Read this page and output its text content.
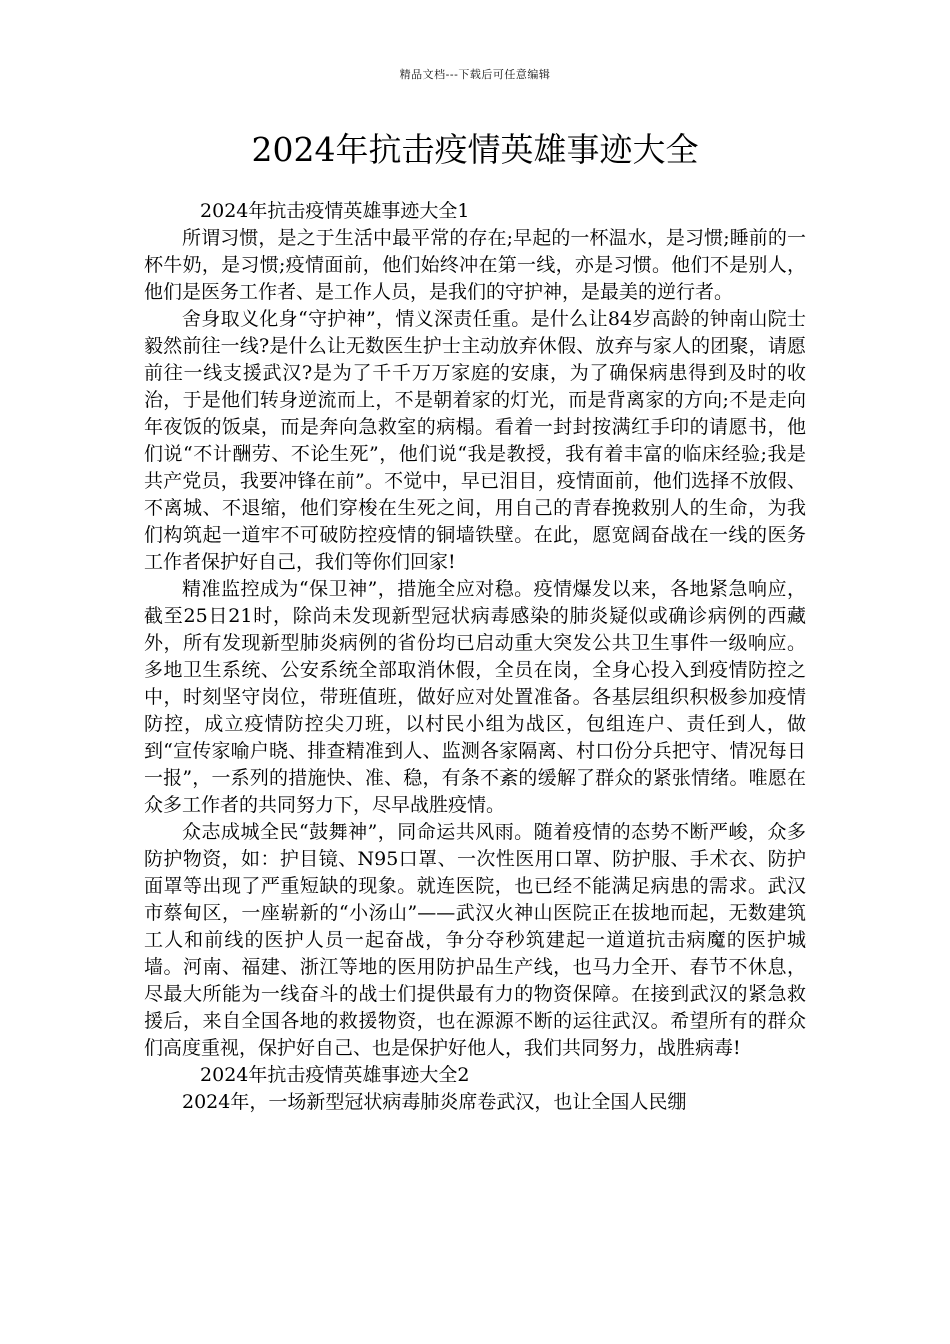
精品文档---下载后可任意编辑
2024年抗击疫情英雄事迹大全

2024年抗击疫情英雄事迹大全1

所谓习惯，是之于生活中最平常的存在;早起的一杯温水，是习惯;睡前的一杯牛奶，是习惯;疫情面前，他们始终冲在第一线，亦是习惯。他们不是别人，他们是医务工作者、是工作人员，是我们的守护神，是最美的逆行者。

舍身取义化身“守护神”，情义深责任重。是什么让84岁高龄的钟南山院士毅然前往一线?是什么让无数医生护士主动放弃休假、放弃与家人的团聚，请愿前往一线支援武汉?是为了千千万万家庭的安康，为了确保病患得到及时的收治，于是他们转身逆流而上，不是朝着家的灯光，而是背离家的方向;不是走向年夜饭的饭桌，而是奔向急救室的病榻。看着一封封按满红手印的请愿书，他们说“不计酬劳、不论生死”，他们说“我是教授，我有着丰富的临床经验;我是共产党员，我要冲锋在前”。不觉中，早已泪目，疫情面前，他们选择不放假、不离城、不退缩，他们穿梭在生死之间，用自己的青春挽救别人的生命，为我们构筑起一道牢不可破防控疫情的铜墙铁壁。在此，愿宽阔奋战在一线的医务工作者保护好自己，我们等你们回家!

精准监控成为“保卫神”，措施全应对稳。疫情爆发以来，各地紧急响应，截至25日21时，除尚未发现新型冠状病毒感染的肺炎疑似或确诊病例的西藏外，所有发现新型肺炎病例的省份均已启动重大突发公共卫生事件一级响应。多地卫生系统、公安系统全部取消休假，全员在岗，全身心投入到疫情防控之中，时刻坚守岗位，带班值班，做好应对处置准备。各基层组织积极参加疫情防控，成立疫情防控尖刀班，以村民小组为战区，包组连户、责任到人，做到“宣传家喻户晓、排查精准到人、监测各家隔离、村口份分兵把守、情况每日一报”，一系列的措施快、准、稳，有条不紊的缓解了群众的紧张情绪。唯愿在众多工作者的共同努力下，尽早战胜疫情。

众志成城全民“鼓舞神”，同命运共风雨。随着疫情的态势不断严峻，众多防护物资，如：护目镜、N95口罩、一次性医用口罩、防护服、手术衣、防护面罩等出现了严重短缺的现象。就连医院，也已经不能满足病患的需求。武汉市蔡甸区，一座崭新的“小汤山”——武汉火神山医院正在拔地而起，无数建筑工人和前线的医护人员一起奋战，争分夺秒筑建起一道道抗击病魔的医护城墙。河南、福建、浙江等地的医用防护品生产线，也马力全开、春节不休息，尽最大所能为一线奋斗的战士们提供最有力的物资保障。在接到武汉的紧急救援后，来自全国各地的救援物资，也在源源不断的运往武汉。希望所有的群众们高度重视，保护好自己、也是保护好他人，我们共同努力，战胜病毒!

2024年抗击疫情英雄事迹大全2

2024年，一场新型冠状病毒肺炎席卷武汉，也让全国人民绷
